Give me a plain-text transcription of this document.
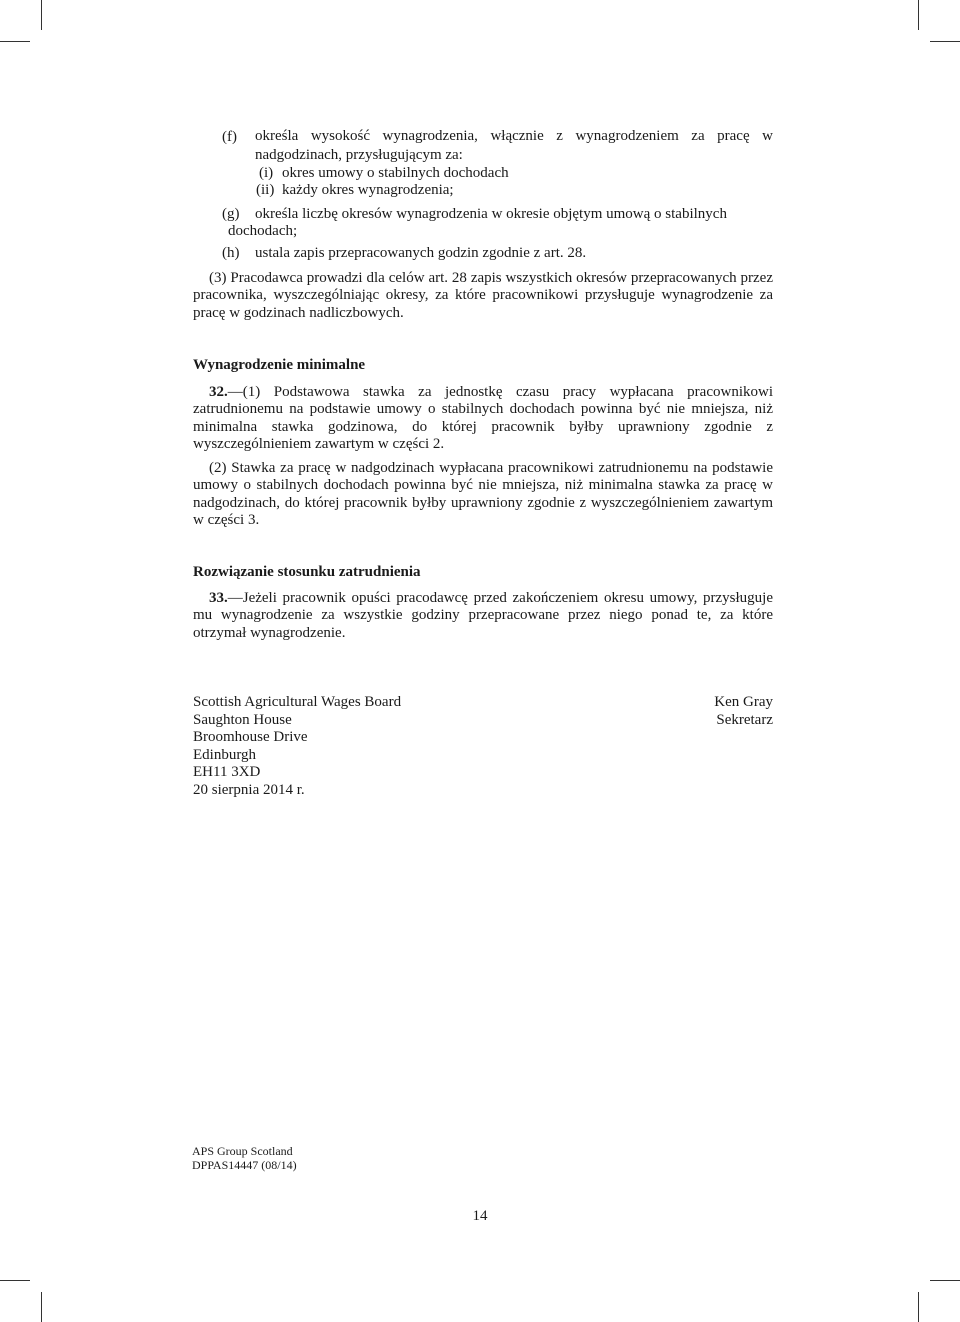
(f) określa wysokość wynagrodzenia, włącznie z wynagrodzeniem za pracę w
nadgodzinach, przysługującym za:
(i) okres umowy o stabilnych dochodach
(ii) każdy okres wynagrodzenia;
(g) określa liczbę okresów wynagrodzenia w okresie objętym umową o stabilnych
dochodach;
(h) ustala zapis przepracowanych godzin zgodnie z art. 28.
(3) Pracodawca prowadzi dla celów art. 28 zapis wszystkich okresów przepracowanych przez pracownika, wyszczególniając okresy, za które pracownikowi przysługuje wynagrodzenie za pracę w godzinach nadliczbowych.
Wynagrodzenie minimalne
32.—(1) Podstawowa stawka za jednostkę czasu pracy wypłacana pracownikowi zatrudnionemu na podstawie umowy o stabilnych dochodach powinna być nie mniejsza, niż minimalna stawka godzinowa, do której pracownik byłby uprawniony zgodnie z wyszczególnieniem zawartym w części 2.
(2) Stawka za pracę w nadgodzinach wypłacana pracownikowi zatrudnionemu na podstawie umowy o stabilnych dochodach powinna być nie mniejsza, niż minimalna stawka za pracę w nadgodzinach, do której pracownik byłby uprawniony zgodnie z wyszczególnieniem zawartym w części 3.
Rozwiązanie stosunku zatrudnienia
33.—Jeżeli pracownik opuści pracodawcę przed zakończeniem okresu umowy, przysługuje mu wynagrodzenie za wszystkie godziny przepracowane przez niego ponad te, za które otrzymał wynagrodzenie.
Scottish Agricultural Wages Board
Saughton House
Broomhouse Drive
Edinburgh
EH11 3XD
20 sierpnia 2014 r.
Ken Gray
Sekretarz
APS Group Scotland
DPPAS14447 (08/14)
14
